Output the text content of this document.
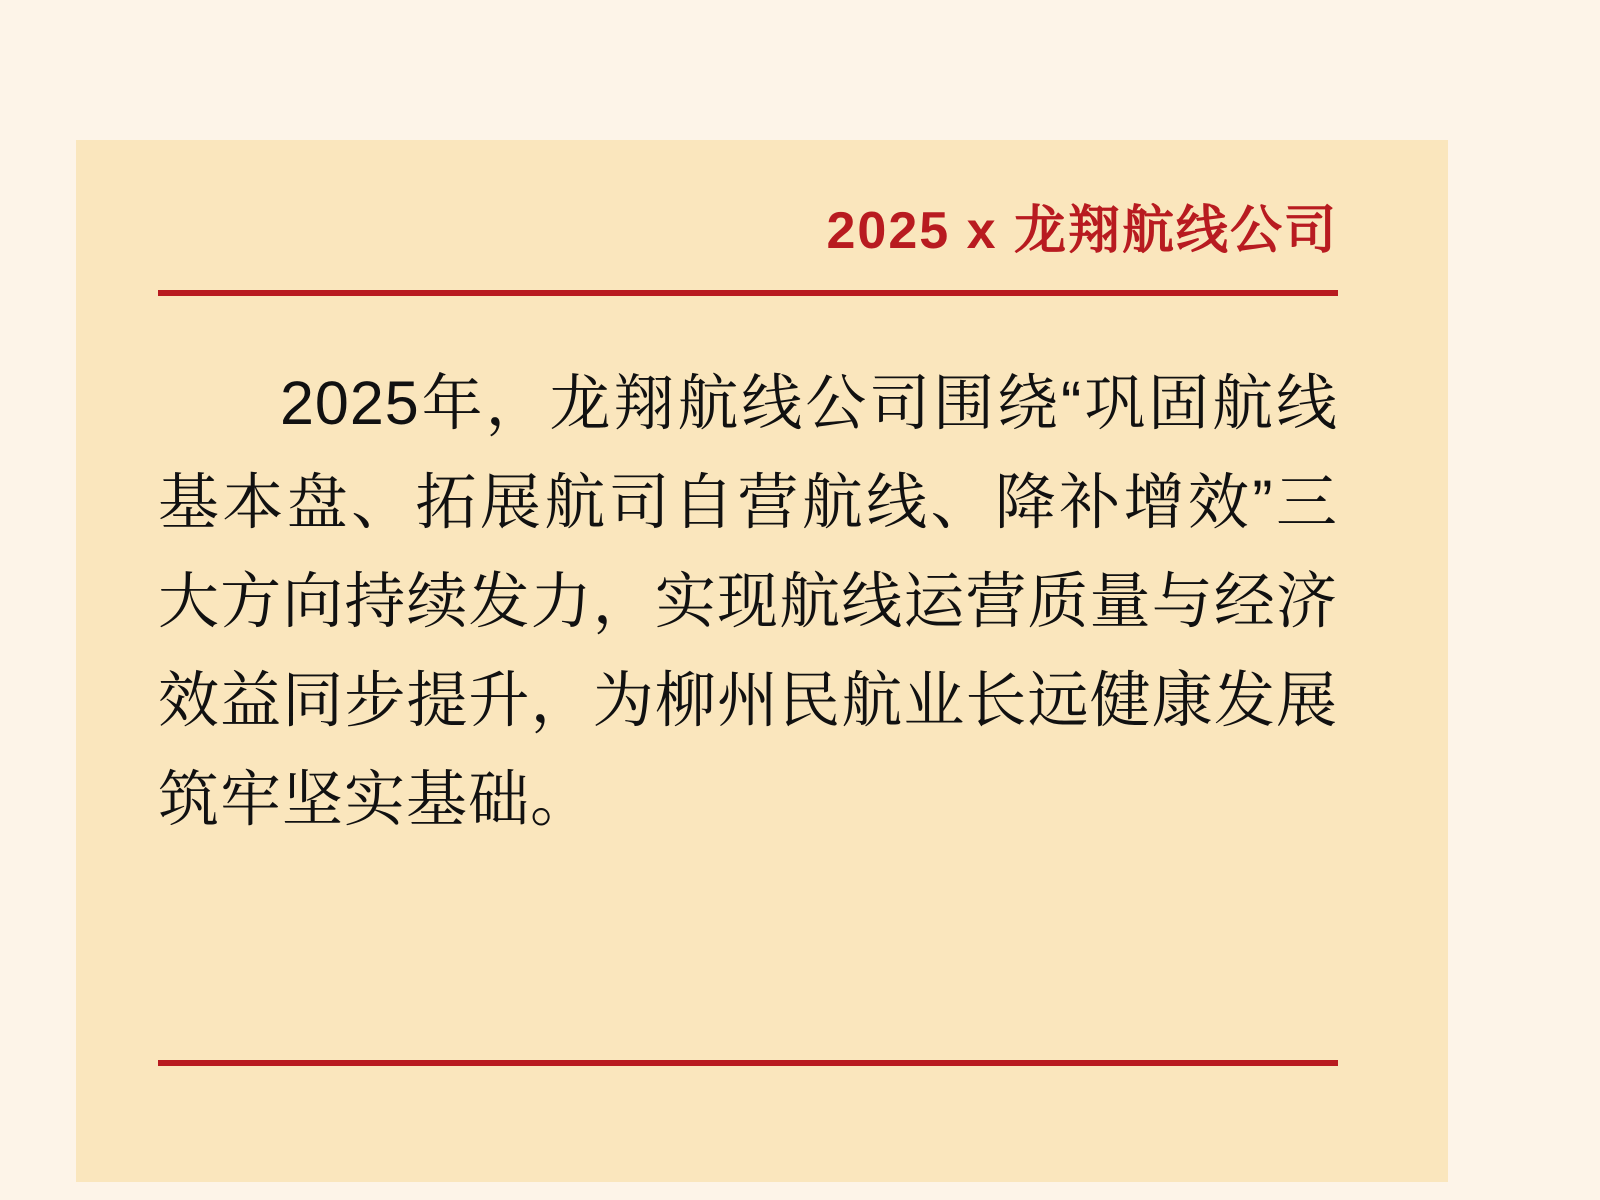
2025 x 龙翔航线公司
2025年，龙翔航线公司围绕“巩固航线基本盘、拓展航司自营航线、降补增效”三大方向持续发力，实现航线运营质量与经济效益同步提升，为柳州民航业长远健康发展筑牢坚实基础。
